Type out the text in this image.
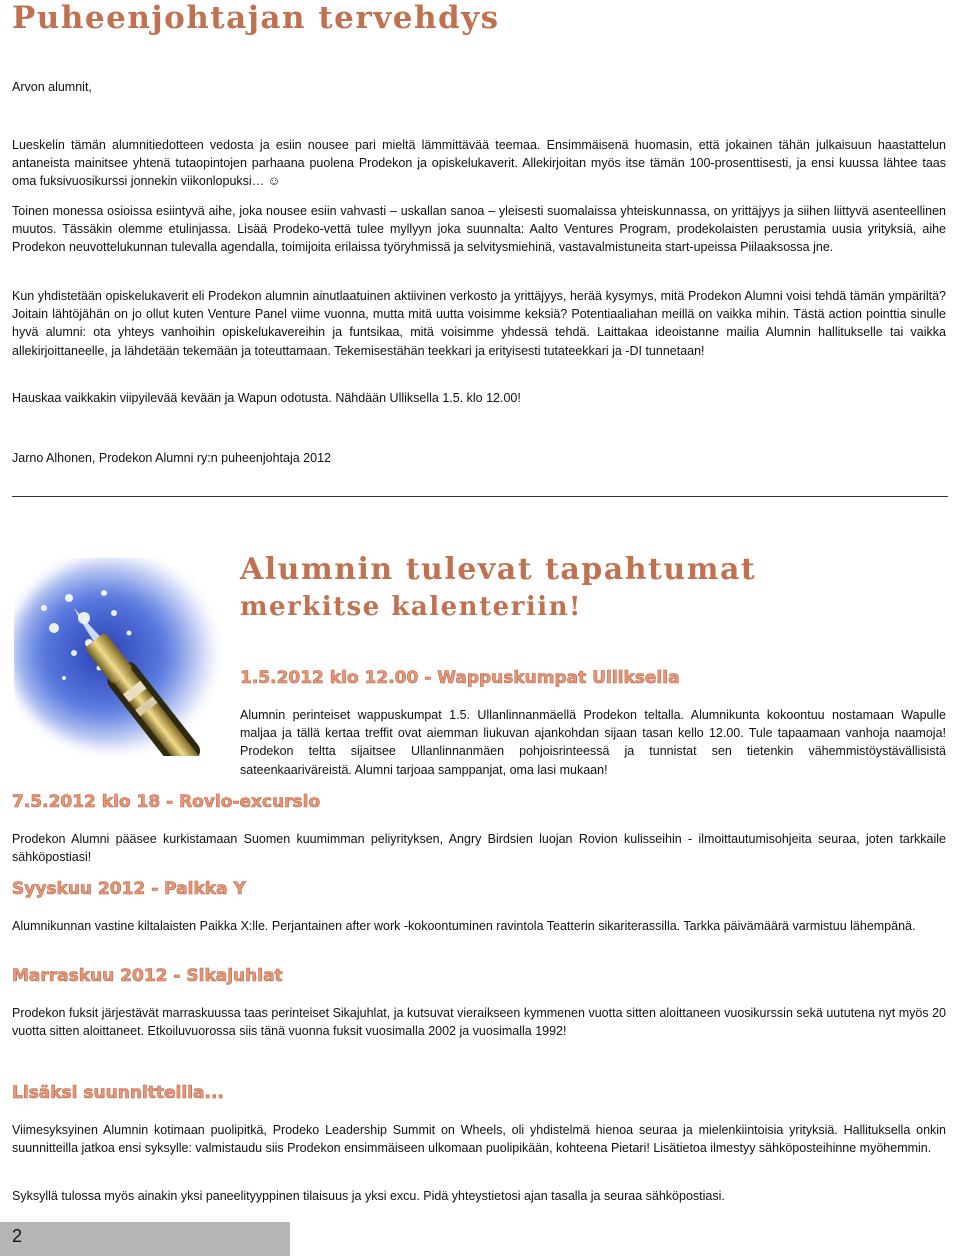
Puheenjohtajan tervehdys

Arvon alumnit,

Lueskelin tämän alumnitiedotteen vedosta ja esiin nousee pari mieltä lämmittävää teemaa. Ensimmäisenä huomasin, että jokainen tähän julkaisuun haastattelun antaneista mainitsee yhtenä tutaopintojen parhaana puolena Prodekon ja opiskelukaverit. Allekirjoitan myös itse tämän 100-prosenttisesti, ja ensi kuussa lähtee taas oma fuksivuosikurssi jonnekin viikonlopuksi… ☺

Toinen monessa osioissa esiintyvä aihe, joka nousee esiin vahvasti – uskallan sanoa – yleisesti suomalaissa yhteiskunnassa, on yrittäjyys ja siihen liittyvä asenteellinen muutos. Tässäkin olemme etulinjassa. Lisää Prodeko-vettä tulee myllyyn joka suunnalta: Aalto Ventures Program, prodekolaisten perustamia uusia yrityksiä, aihe Prodekon neuvottelukunnan tulevalla agendalla, toimijoita erilaissa työryhmissä ja selvitysmiehinä, vastavalmistuneita start-upeissa Piilaaksossa jne.

Kun yhdistetään opiskelukaverit eli Prodekon alumnin ainutlaatuinen aktiivinen verkosto ja yrittäjyys, herää kysymys, mitä Prodekon Alumni voisi tehdä tämän ympäriltä? Joitain lähtöjähän on jo ollut kuten Venture Panel viime vuonna, mutta mitä uutta voisimme keksiä? Potentiaaliahan meillä on vaikka mihin. Tästä action pointtia sinulle hyvä alumni: ota yhteys vanhoihin opiskelukavereihin ja funtsikaa, mitä voisimme yhdessä tehdä. Laittakaa ideoistanne mailia Alumnin hallitukselle tai vaikka allekirjoittaneelle, ja lähdetään tekemään ja toteuttamaan. Tekemisestähän teekkari ja erityisesti tutateekkari ja -DI tunnetaan!

Hauskaa vaikkakin viipyilevää kevään ja Wapun odotusta. Nähdään Ulliksella 1.5. klo 12.00!

Jarno Alhonen, Prodekon Alumni ry:n puheenjohtaja 2012

Alumnin tulevat tapahtumat
merkitse kalenteriin!
1.5.2012 klo 12.00 - Wappuskumpat Ulliksella

Alumnin perinteiset wappuskumpat 1.5. Ullanlinnanmäellä Prodekon teltalla. Alumnikunta kokoontuu nostamaan Wapulle maljaa ja tällä kertaa treffit ovat aiemman liukuvan ajankohdan sijaan tasan kello 12.00. Tule tapaamaan vanhoja naamoja! Prodekon teltta sijaitsee Ullanlinnanmäen pohjoisrinteessä ja tunnistat sen tietenkin vähemmistöystävällisistä sateenkaariväreistä. Alumni tarjoaa samppanjat, oma lasi mukaan!

7.5.2012 klo 18 - Rovio-excursio

Prodekon Alumni pääsee kurkistamaan Suomen kuumimman peliyrityksen, Angry Birdsien luojan Rovion kulisseihin - ilmoittautumisohjeita seuraa, joten tarkkaile sähköpostiasi!

Syyskuu 2012 - Paikka Y

Alumnikunnan vastine kiltalaisten Paikka X:lle. Perjantainen after work -kokoontuminen ravintola Teatterin sikariterassilla. Tarkka päivämäärä varmistuu lähempänä.

Marraskuu 2012 - Sikajuhlat

Prodekon fuksit järjestävät marraskuussa taas perinteiset Sikajuhlat, ja kutsuvat vieraikseen kymmenen vuotta sitten aloittaneen vuosikurssin sekä uututena nyt myös 20 vuotta sitten aloittaneet. Etkoiluvuorossa siis tänä vuonna fuksit vuosimalla 2002 ja vuosimalla 1992!

Lisäksi suunnitteilla...

Viimesyksyinen Alumnin kotimaan puolipitkä, Prodeko Leadership Summit on Wheels, oli yhdistelmä hienoa seuraa ja mielenkiintoisia yrityksiä. Hallituksella onkin suunnitteilla jatkoa ensi syksylle: valmistaudu siis Prodekon ensimmäiseen ulkomaan puolipikään, kohteena Pietari! Lisätietoa ilmestyy sähköposteihinne myöhemmin.

Syksyllä tulossa myös ainakin yksi paneelityyppinen tilaisuus ja yksi excu. Pidä yhteystietosi ajan tasalla ja seuraa sähköpostiasi.

2
